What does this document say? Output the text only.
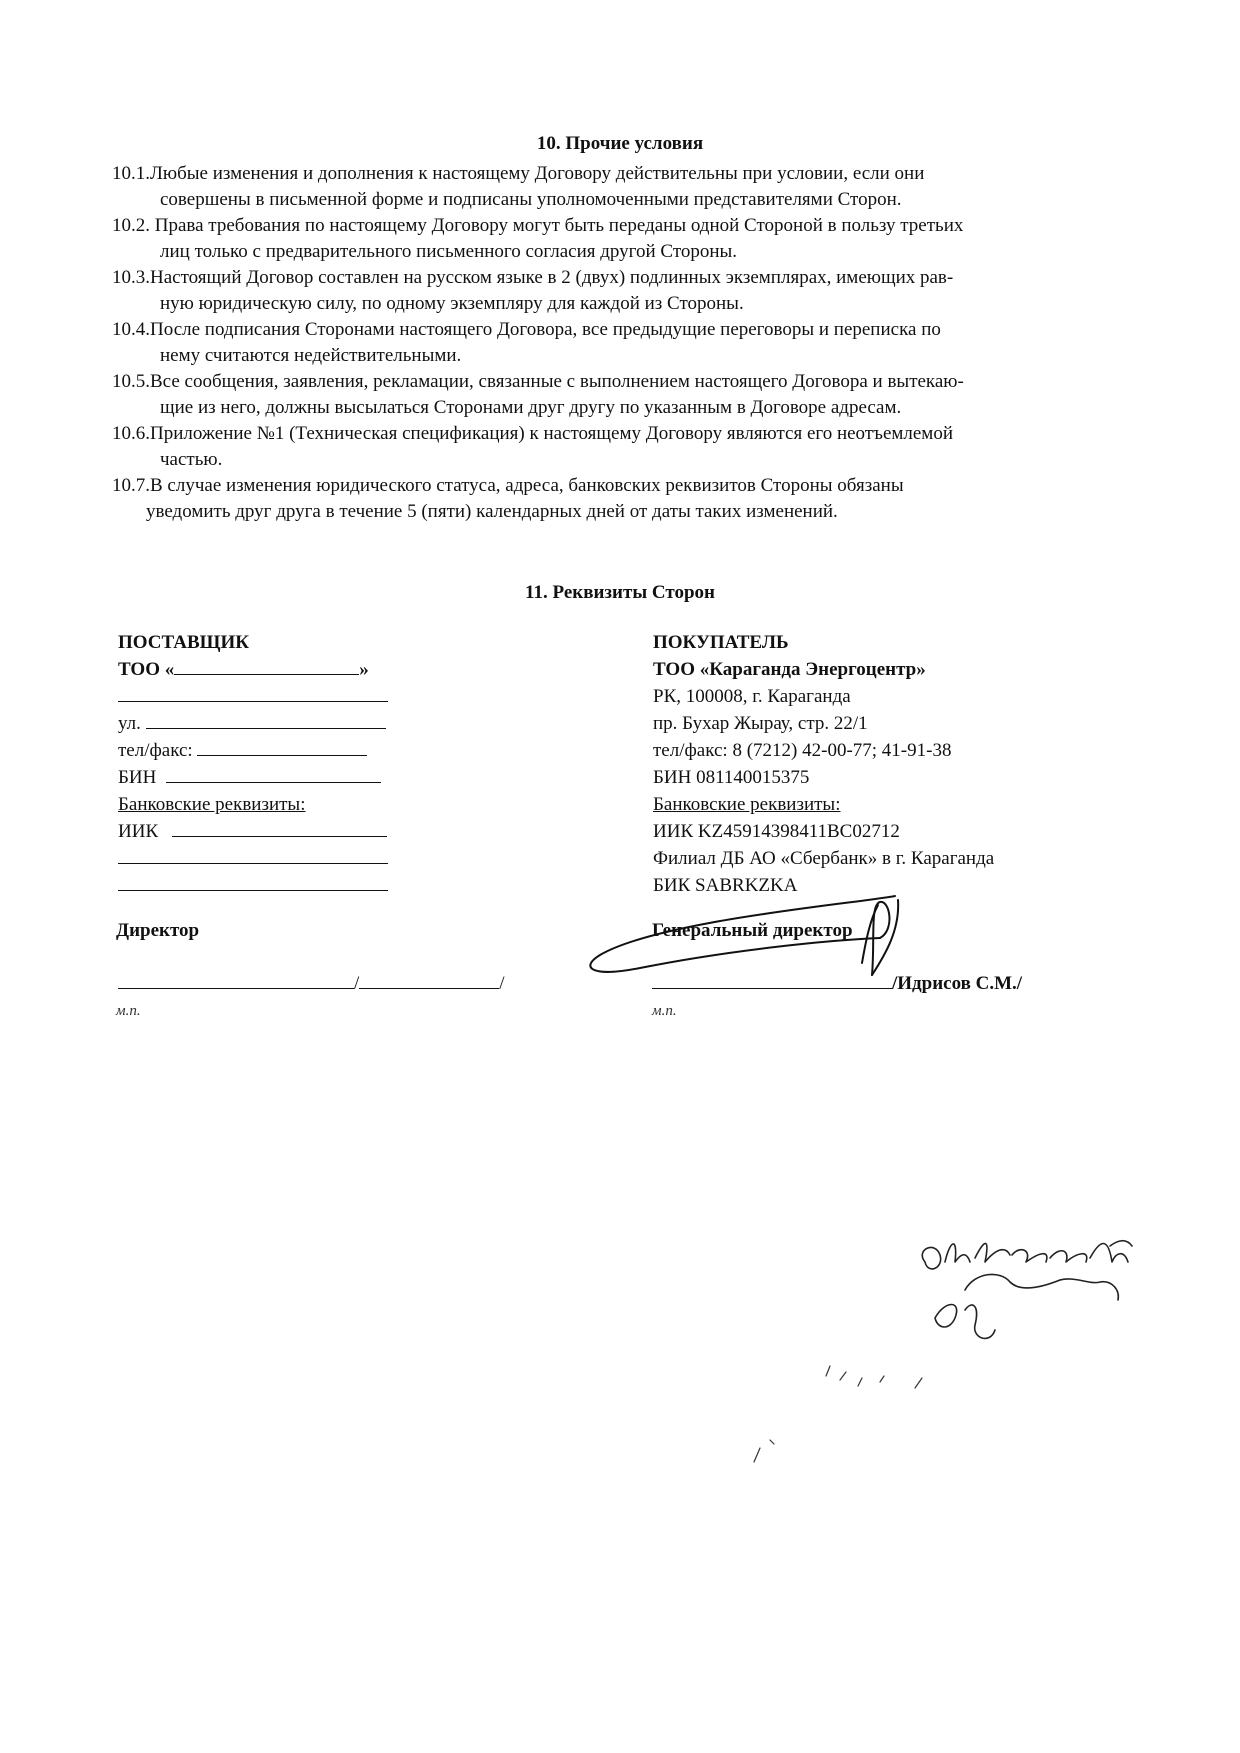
10. Прочие условия
10.1.Любые изменения и дополнения к настоящему Договору действительны при условии, если они
совершены в письменной форме и подписаны уполномоченными представителями Сторон.
10.2. Права требования по настоящему Договору могут быть переданы одной Стороной в пользу третьих
лиц только с предварительного письменного согласия другой Стороны.
10.3.Настоящий Договор составлен на русском языке в 2 (двух) подлинных экземплярах, имеющих рав-
ную юридическую силу, по одному экземпляру для каждой из Стороны.
10.4.После подписания Сторонами настоящего Договора, все предыдущие переговоры и переписка по
нему считаются недействительными.
10.5.Все сообщения, заявления, рекламации, связанные с выполнением настоящего Договора и вытекаю-
щие из него, должны высылаться Сторонами друг другу по указанным в Договоре адресам.
10.6.Приложение №1 (Техническая спецификация) к настоящему Договору являются его неотъемлемой
частью.
10.7.В случае изменения юридического статуса, адреса, банковских реквизитов Стороны обязаны
уведомить друг друга в течение 5 (пяти) календарных дней от даты таких изменений.
11. Реквизиты Сторон
ПОСТАВЩИК
ТОО «	»
ул.
тел/факс:
БИН
Банковские реквизиты:
ИИК
Директор
/	/
м.п.
ПОКУПАТЕЛЬ
ТОО «Караганда Энергоцентр»
РК, 100008, г. Караганда
пр. Бухар Жырау, стр. 22/1
тел/факс: 8 (7212) 42-00-77; 41-91-38
БИН 081140015375
Банковские реквизиты:
ИИК KZ45914398411BC02712
Филиал ДБ АО «Сбербанк» в г. Караганда
БИК SABRKZKA
Генеральный директор
/Идрисов С.М./
м.п.
